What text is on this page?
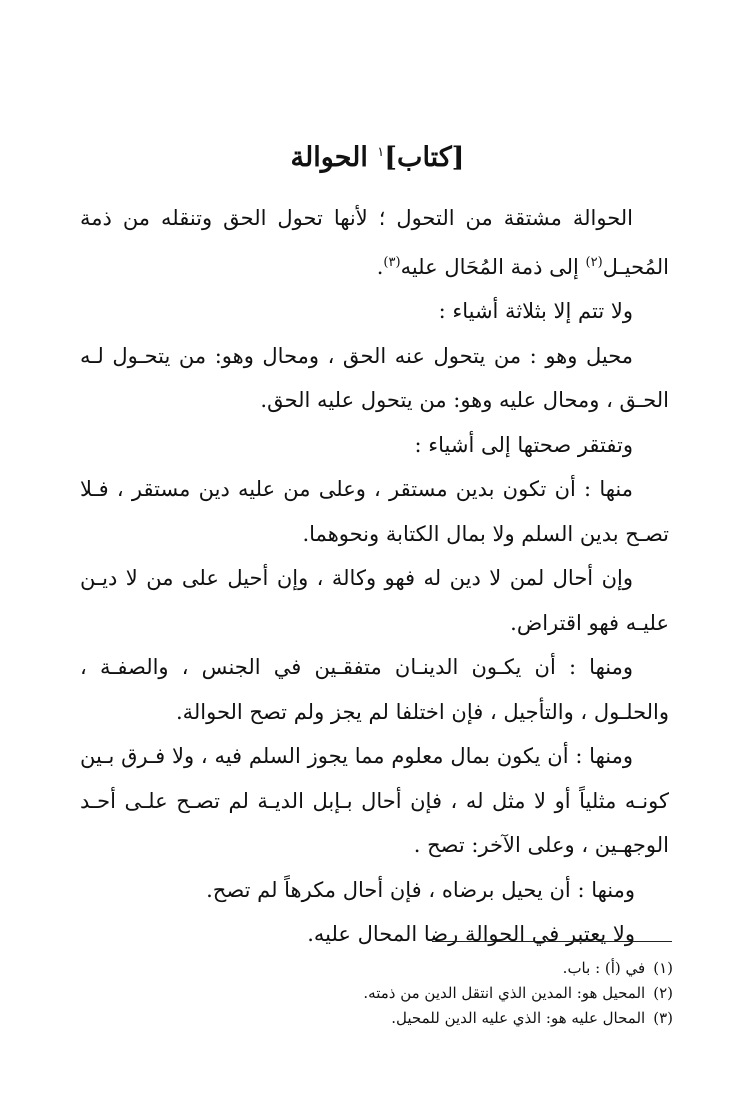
[كتاب]$^١$ الحوالة

الحوالة مشتقة من التحول ؛ لأنها تحول الحق وتنقله من ذمة المُحيـل$^{(٢)}$ إلى ذمة المُحَال عليه$^{(٣)}$.

ولا تتم إلا بثلاثة أشياء :

محيل وهو : من يتحول عنه الحق ، ومحال وهو: من يتحـول لـه الحـق ، ومحال عليه وهو: من يتحول عليه الحق.

وتفتقر صحتها إلى أشياء :

منها : أن تكون بدين مستقر ، وعلى من عليه دين مستقر ، فـلا تصـح بدين السلم ولا بمال الكتابة ونحوهما.

وإن أحال لمن لا دين له فهو وكالة ، وإن أحيل على من لا ديـن عليـه فهو اقتراض.

ومنها : أن يكـون الدينـان متفقـين في الجنس ، والصفـة ، والحلـول ، والتأجيل ، فإن اختلفا لم يجز ولم تصح الحوالة.

ومنها : أن يكون بمال معلوم مما يجوز السلم فيه ، ولا فـرق بـين كونـه مثلياً أو لا مثل له ، فإن أحال بـإبل الديـة لم تصـح علـى أحـد الوجهـين ، وعلى الآخر: تصح .

ومنها : أن يحيل برضاه ، فإن أحال مكرهاً لم تصح.

ولا يعتبر في الحوالة رضا المحال عليه.

(١)في (أ) : باب.

(٢)المحيل هو: المدين الذي انتقل الدين من ذمته.

(٣)المحال عليه هو: الذي عليه الدين للمحيل.
